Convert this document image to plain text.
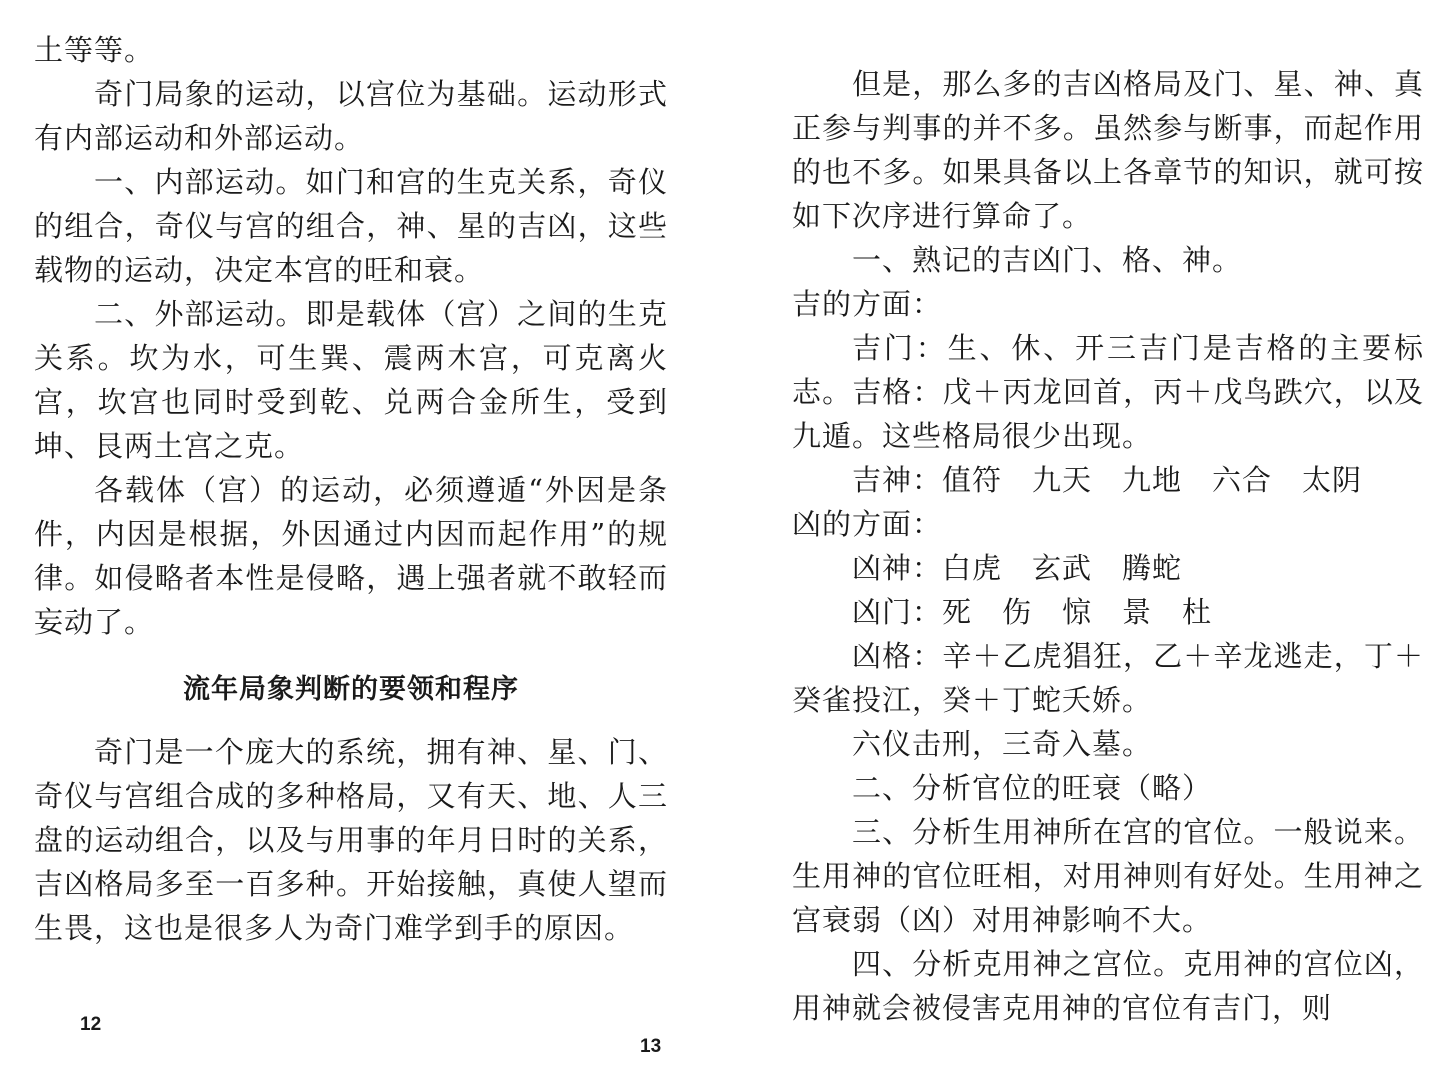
土等等。

奇门局象的运动，以宫位为基础。运动形式有内部运动和外部运动。

一、内部运动。如门和宫的生克关系，奇仪的组合，奇仪与宫的组合，神、星的吉凶，这些载物的运动，决定本宫的旺和衰。

二、外部运动。即是载体（宫）之间的生克关系。坎为水，可生巽、震两木宫，可克离火宫，坎宫也同时受到乾、兑两合金所生，受到坤、艮两土宫之克。

各载体（宫）的运动，必须遵遁“外因是条件，内因是根据，外因通过内因而起作用”的规律。如侵略者本性是侵略，遇上强者就不敢轻而妄动了。

流年局象判断的要领和程序

奇门是一个庞大的系统，拥有神、星、门、奇仪与宫组合成的多种格局，又有天、地、人三盘的运动组合，以及与用事的年月日时的关系，吉凶格局多至一百多种。开始接触，真使人望而生畏，这也是很多人为奇门难学到手的原因。

12

但是，那么多的吉凶格局及门、星、神、真正参与判事的并不多。虽然参与断事，而起作用的也不多。如果具备以上各章节的知识，就可按如下次序进行算命了。

一、熟记的吉凶门、格、神。

吉的方面：

吉门：生、休、开三吉门是吉格的主要标志。吉格：戊＋丙龙回首，丙＋戊鸟跌穴，以及九遁。这些格局很少出现。

吉神：值符　九天　九地　六合　太阴

凶的方面：

凶神：白虎　玄武　腾蛇

凶门：死　伤　惊　景　杜

凶格：辛＋乙虎猖狂，乙＋辛龙逃走，丁＋癸雀投江，癸＋丁蛇夭娇。

六仪击刑，三奇入墓。

二、分析官位的旺衰（略）

三、分析生用神所在宫的官位。一般说来。生用神的官位旺相，对用神则有好处。生用神之宫衰弱（凶）对用神影响不大。

四、分析克用神之宫位。克用神的宫位凶，用神就会被侵害克用神的官位有吉门，则

13
